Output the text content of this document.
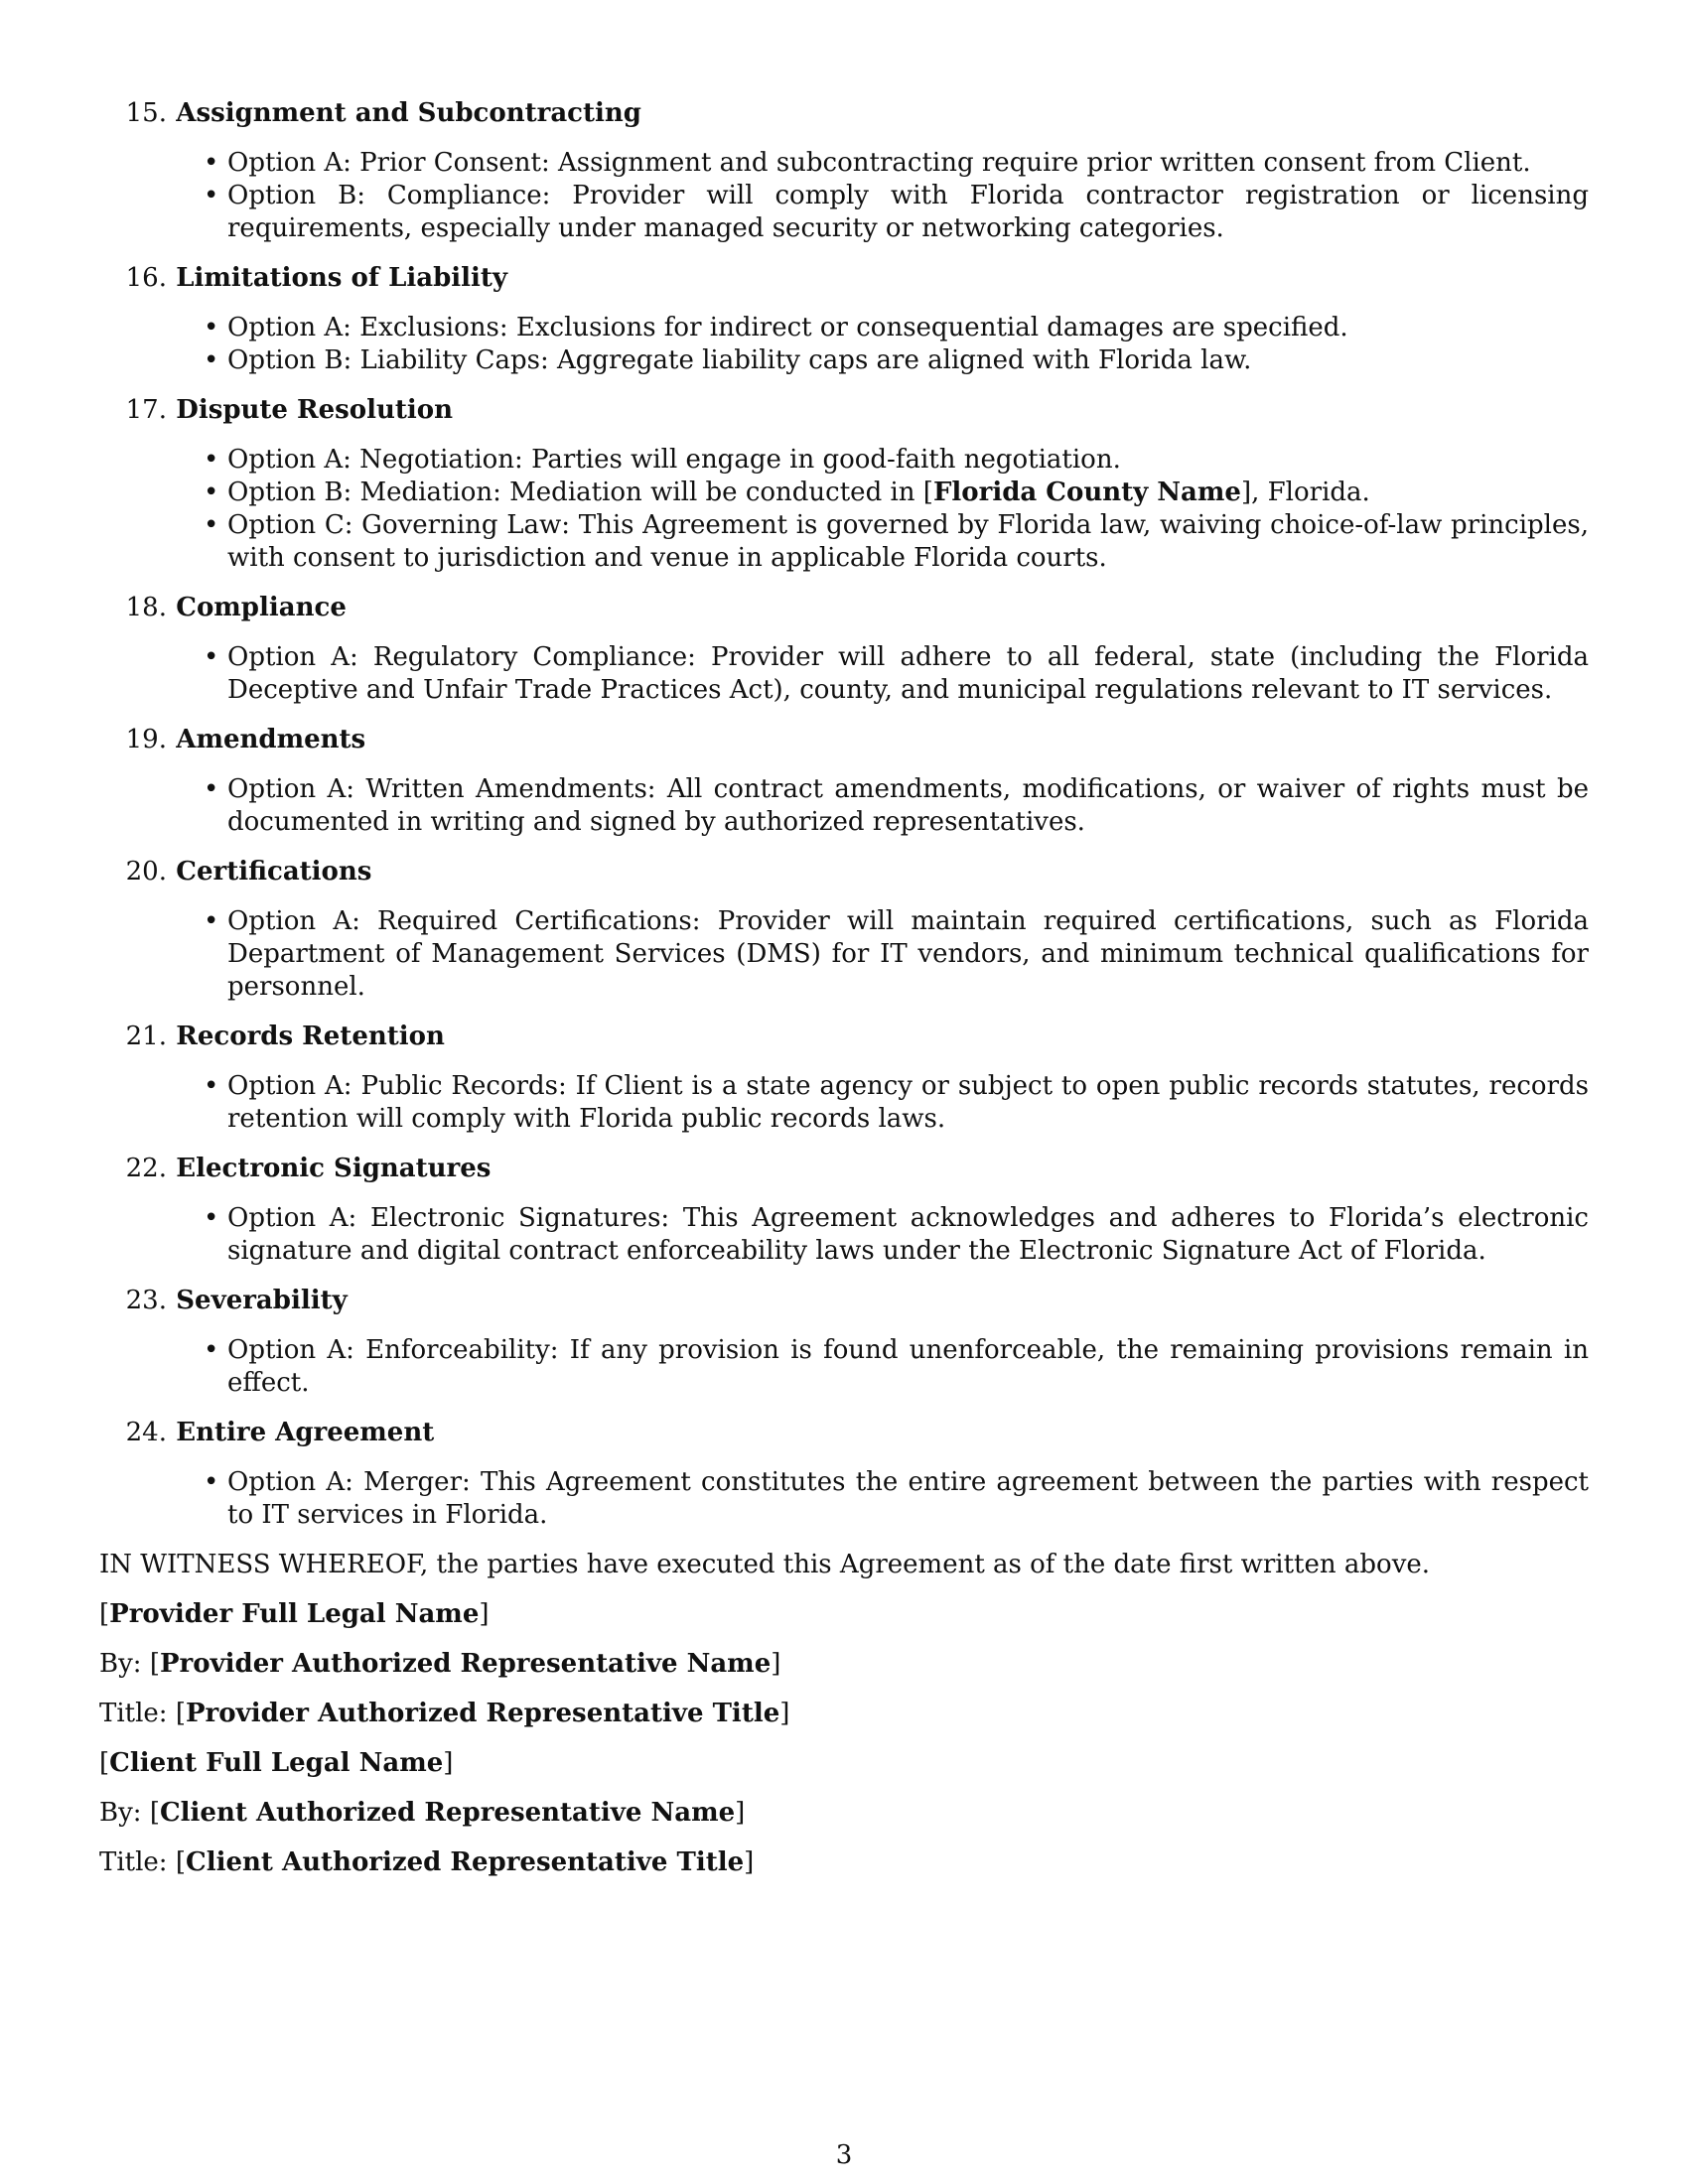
15.
Assignment and Subcontracting
• Option A: Prior Consent: Assignment and subcontracting require prior written consent from Client.
• Option B: Compliance: Provider will comply with Florida contractor registration or licensing requirements, especially under managed security or networking categories.
16.
Limitations of Liability
• Option A: Exclusions: Exclusions for indirect or consequential damages are specified.
• Option B: Liability Caps: Aggregate liability caps are aligned with Florida law.
17.
Dispute Resolution
• Option A: Negotiation: Parties will engage in good-faith negotiation.
• Option B: Mediation: Mediation will be conducted in [Florida County Name], Florida.
• Option C: Governing Law: This Agreement is governed by Florida law, waiving choice-of-law principles, with consent to jurisdiction and venue in applicable Florida courts.
18.
Compliance
• Option A: Regulatory Compliance: Provider will adhere to all federal, state (including the Florida Deceptive and Unfair Trade Practices Act), county, and municipal regulations relevant to IT services.
19.
Amendments
• Option A: Written Amendments: All contract amendments, modifications, or waiver of rights must be documented in writing and signed by authorized representatives.
20.
Certifications
• Option A: Required Certifications: Provider will maintain required certifications, such as Florida Department of Management Services (DMS) for IT vendors, and minimum technical qualifications for personnel.
21.
Records Retention
• Option A: Public Records: If Client is a state agency or subject to open public records statutes, records retention will comply with Florida public records laws.
22.
Electronic Signatures
• Option A: Electronic Signatures: This Agreement acknowledges and adheres to Florida’s electronic signature and digital contract enforceability laws under the Electronic Signature Act of Florida.
23.
Severability
• Option A: Enforceability: If any provision is found unenforceable, the remaining provisions remain in effect.
24.
Entire Agreement
• Option A: Merger: This Agreement constitutes the entire agreement between the parties with respect to IT services in Florida.
IN WITNESS WHEREOF, the parties have executed this Agreement as of the date first written above.
[Provider Full Legal Name]
By: [Provider Authorized Representative Name]
Title: [Provider Authorized Representative Title]
[Client Full Legal Name]
By: [Client Authorized Representative Name]
Title: [Client Authorized Representative Title]
3
